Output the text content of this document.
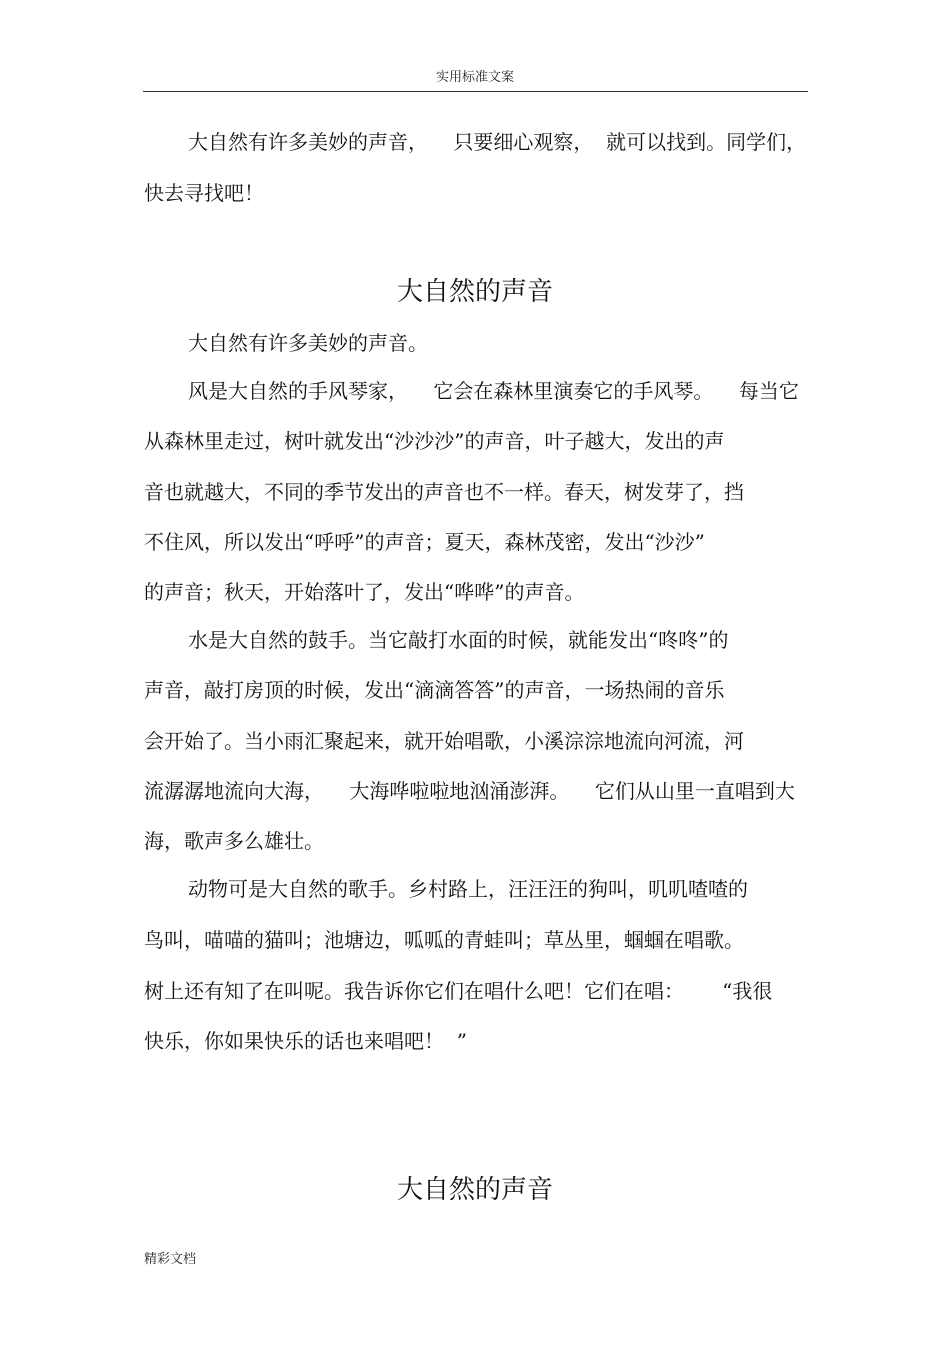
实用标准文案
大自然有许多美妙的声音，    只要细心观察，  就可以找到。同学们，
快去寻找吧！
大自然的声音
大自然有许多美妙的声音。
风是大自然的手风琴家，    它会在森林里演奏它的手风琴。    每当它
从森林里走过，树叶就发出“沙沙沙”的声音，叶子越大，发出的声
音也就越大，不同的季节发出的声音也不一样。春天，树发芽了，挡
不住风，所以发出“呼呼”的声音；夏天，森林茂密，发出“沙沙”
的声音；秋天，开始落叶了，发出“哗哗”的声音。
水是大自然的鼓手。当它敲打水面的时候，就能发出“咚咚”的
声音，敲打房顶的时候，发出“滴滴答答”的声音，一场热闹的音乐
会开始了。当小雨汇聚起来，就开始唱歌，小溪淙淙地流向河流，河
流潺潺地流向大海，    大海哗啦啦地汹涌澎湃。    它们从山里一直唱到大
海，歌声多么雄壮。
动物可是大自然的歌手。乡村路上，汪汪汪的狗叫，叽叽喳喳的
鸟叫，喵喵的猫叫；池塘边，呱呱的青蛙叫；草丛里，蝈蝈在唱歌。
树上还有知了在叫呢。我告诉你它们在唱什么吧！它们在唱：      “我很
快乐，你如果快乐的话也来唱吧！  ”
大自然的声音
精彩文档
